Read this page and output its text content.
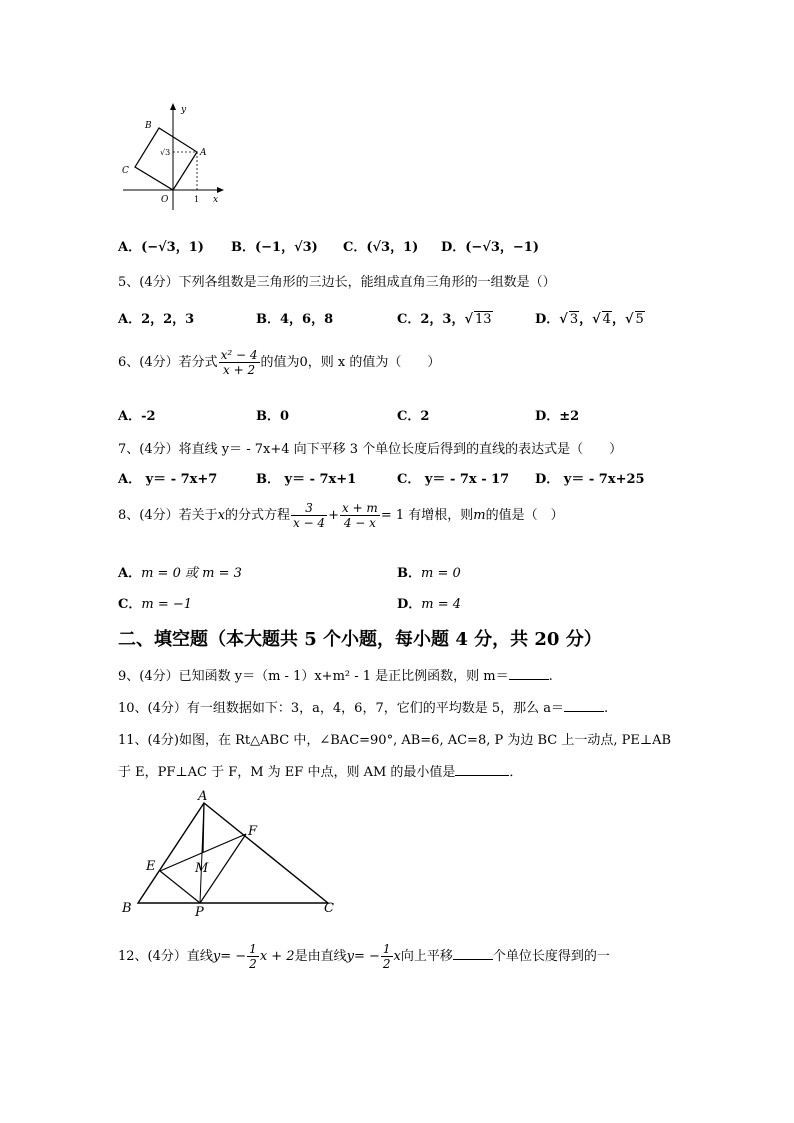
y
B
√3	A
C
O	1 x
A．(−√3，1) B．(−1，√3) C．(√3，1) D．(−√3，−1)
5、(4分）下列各组数是三角形的三边长，能组成直角三角形的一组数是（）
A．2，2，3	B．4，6，8	C．2，3， √ 13	D． √ 3， √ 4， √ 5
6、(4分）若分式 $\frac{\text{x² − 4}}{x + 2}$ 的值为0，则 x 的值为（　　）
A．-2	B．0	C．2	D．±2
7、(4分）将直线 y＝ - 7x+4 向下平移 3 个单位长度后得到的直线的表达式是（　　）
A． y＝ - 7x+7	B． y＝ - 7x+1	C． y＝ - 7x - 17 D． y＝ - 7x+25
8、(4分）若关于x的分式方程 $\frac{3}{x - 4} + \frac{x + m}{4 - x} = 1$ 有增根，则m的值是（　）
A．m = 0 或 m = 3	B．m = 0
C．m = −1	D．m = 4
二、填空题（本大题共 5 个小题，每小题 4 分，共 20 分）
9、(4分）已知函数 y＝（m - 1）x+m² - 1 是正比例函数，则 m＝	.
10、(4分）有一组数据如下：3，a，4，6，7，它们的平均数是 5，那么 a＝	.
11、(4分)如图，在 Rt△ABC 中，∠BAC=90°, AB=6, AC=8, P 为边 BC 上一动点, PE⊥AB
于 E，PF⊥AC 于 F，M 为 EF 中点，则 AM 的最小值是	．
A
F
E	M
B	P	C
12、(4分）直线$y= - \frac{1}{2}$ x + 2是由直线$y= - \frac{1}{2}$ x向上平移	个单位长度得到的一
